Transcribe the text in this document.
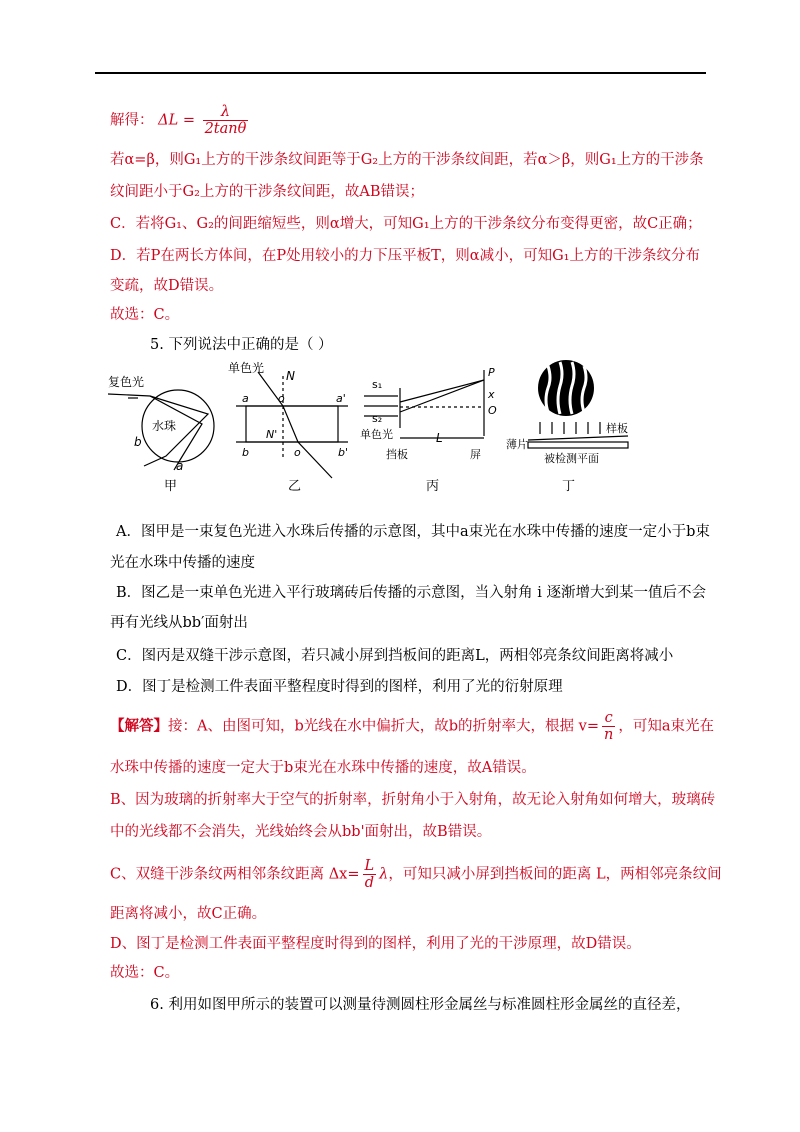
解得： $\Delta L = \frac{\lambda}{2\tan\theta}$
若α=β，则G₁上方的干涉条纹间距等于G₂上方的干涉条纹间距，若α＞β，则G₁上方的干涉条
纹间距小于G₂上方的干涉条纹间距，故AB错误；
C．若将G₁、G₂的间距缩短些，则α增大，可知G₁上方的干涉条纹分布变得更密，故C正确；
D．若P在两长方体间，在P处用较小的力下压平板T，则α减小，可知G₁上方的干涉条纹分布
变疏，故D错误。
故选：C。
5. 下列说法中正确的是（ ）
复色光
水珠
b
a
甲
单色光
N
a	o	a'
N'
b	o	b'
乙
s₁
s₂
P
x
O
L
单色光
挡板	屏
丙
样板
薄片
被检测平面
丁
A．图甲是一束复色光进入水珠后传播的示意图，其中a束光在水珠中传播的速度一定小于b束
光在水珠中传播的速度
B．图乙是一束单色光进入平行玻璃砖后传播的示意图，当入射角 i 逐渐增大到某一值后不会
再有光线从bb′面射出
C．图丙是双缝干涉示意图，若只减小屏到挡板间的距离L，两相邻亮条纹间距离将减小
D．图丁是检测工件表面平整程度时得到的图样，利用了光的衍射原理
【解答】接：A、由图可知，b光线在水中偏折大，故b的折射率大，根据 $v= \frac{c}{n}$ ，可知a束光在
水珠中传播的速度一定大于b束光在水珠中传播的速度，故A错误。
B、因为玻璃的折射率大于空气的折射率，折射角小于入射角，故无论入射角如何增大，玻璃砖
中的光线都不会消失，光线始终会从bb'面射出，故B错误。
C、双缝干涉条纹两相邻条纹距离 $\Delta x= \frac{L}{d}$ λ，可知只减小屏到挡板间的距离 L，两相邻亮条纹间
距离将减小，故C正确。
D、图丁是检测工件表面平整程度时得到的图样，利用了光的干涉原理，故D错误。
故选：C。
6. 利用如图甲所示的装置可以测量待测圆柱形金属丝与标准圆柱形金属丝的直径差，
